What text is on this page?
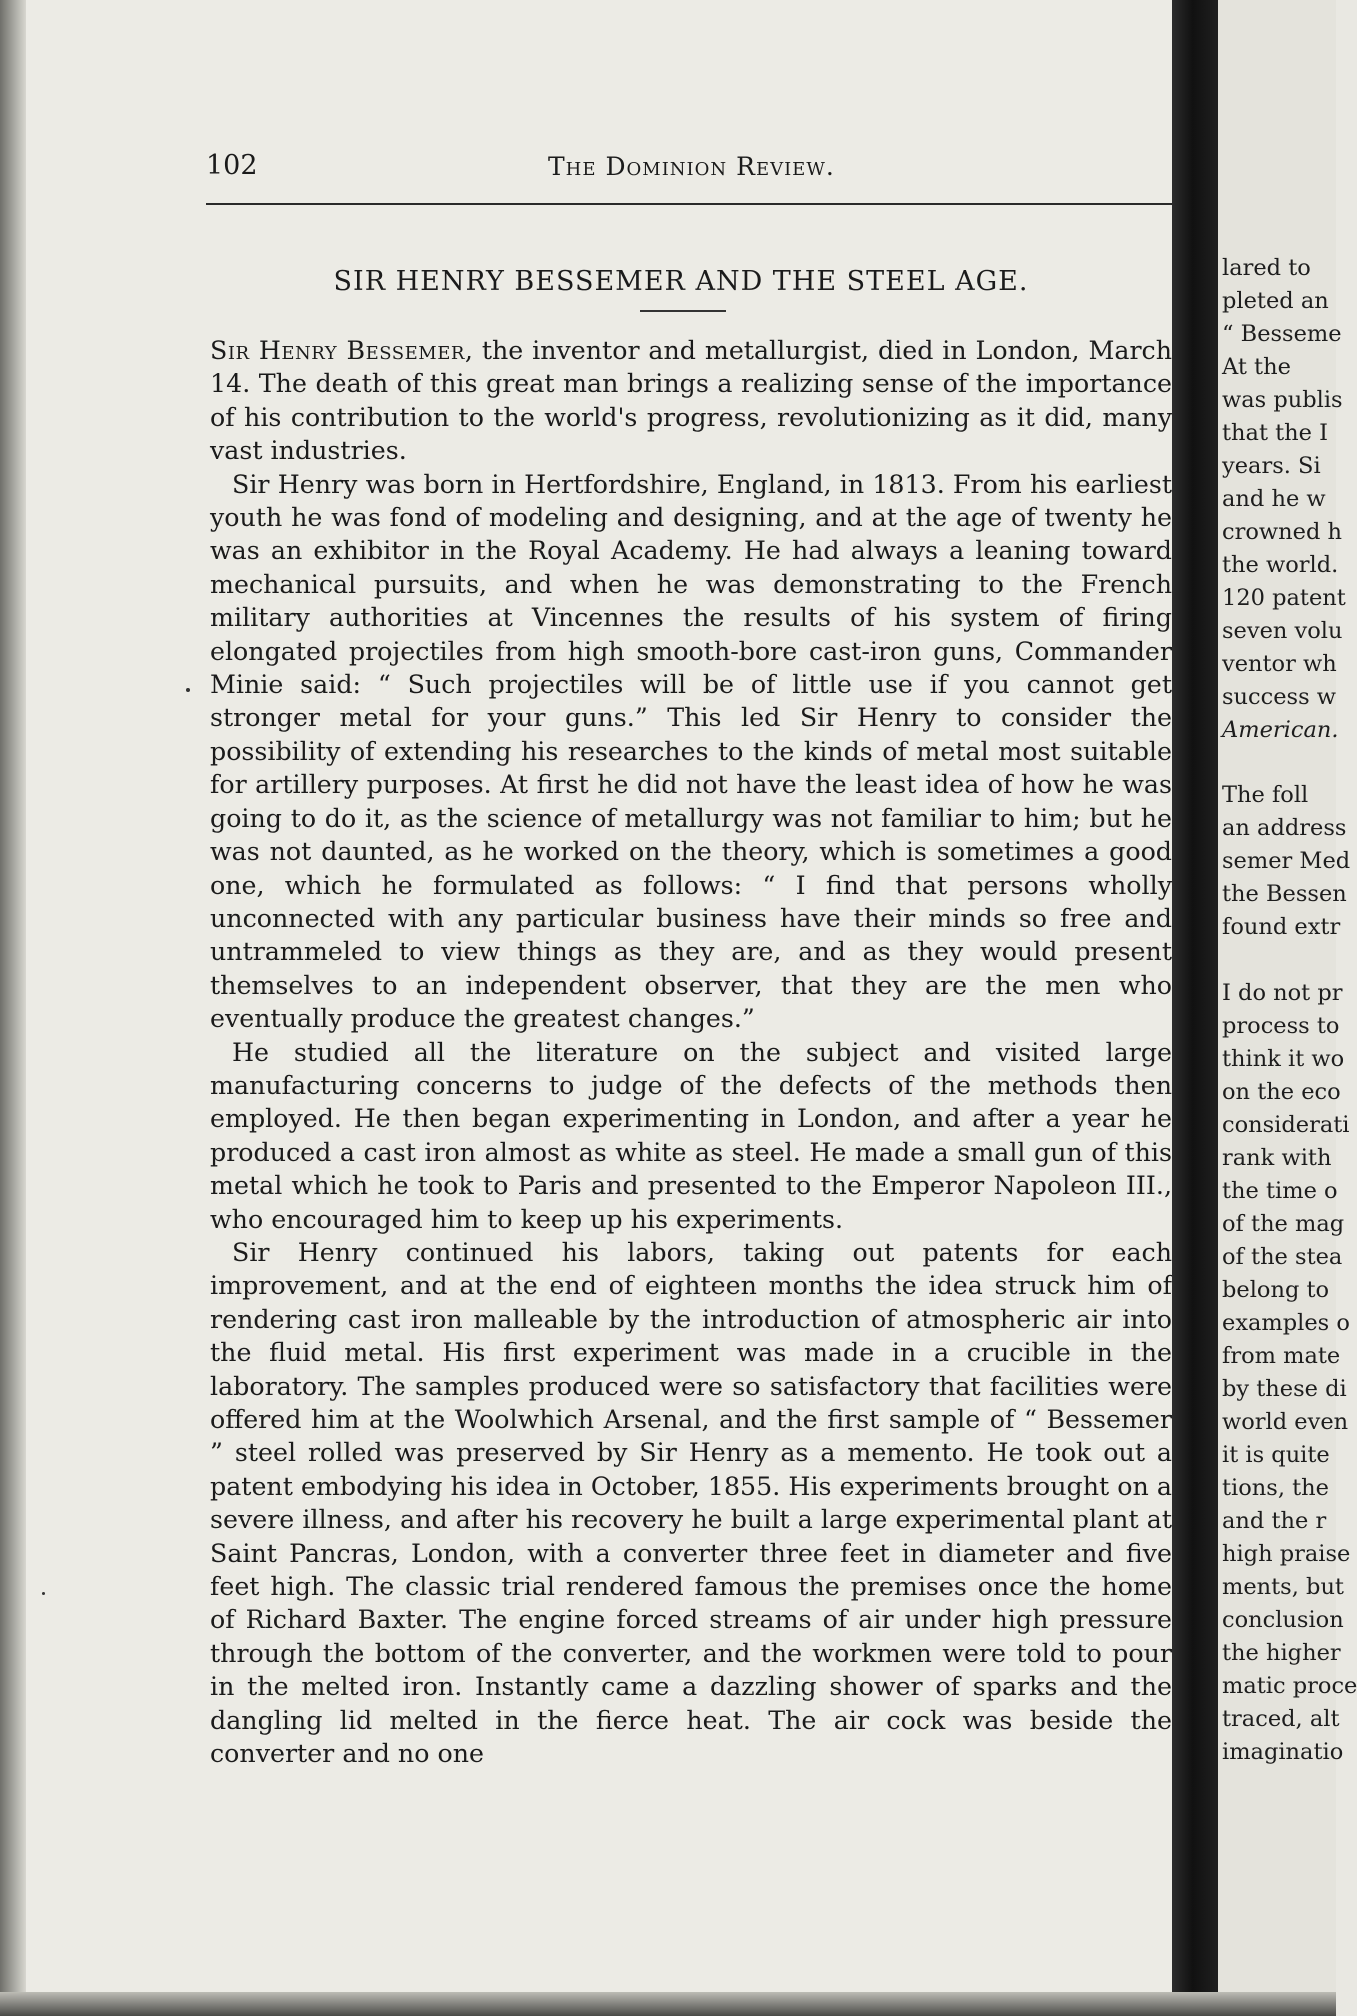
102	The Dominion Review.
SIR HENRY BESSEMER AND THE STEEL AGE.

Sir Henry Bessemer, the inventor and metallurgist, died in London, March 14. The death of this great man brings a realizing sense of the importance of his contribution to the world's progress, revolutionizing as it did, many vast industries.

Sir Henry was born in Hertfordshire, England, in 1813. From his earliest youth he was fond of modeling and designing, and at the age of twenty he was an exhibitor in the Royal Academy. He had always a leaning toward mechanical pursuits, and when he was demonstrating to the French military authorities at Vincennes the results of his system of firing elongated projectiles from high smooth-bore cast-iron guns, Commander Minie said: “ Such projectiles will be of little use if you cannot get stronger metal for your guns.” This led Sir Henry to consider the possibility of extending his researches to the kinds of metal most suitable for artillery purposes. At first he did not have the least idea of how he was going to do it, as the science of metallurgy was not familiar to him; but he was not daunted, as he worked on the theory, which is sometimes a good one, which he formulated as follows: “ I find that persons wholly unconnected with any particular business have their minds so free and untrammeled to view things as they are, and as they would present themselves to an independent observer, that they are the men who eventually produce the greatest changes.”

He studied all the literature on the subject and visited large manufacturing concerns to judge of the defects of the methods then employed. He then began experimenting in London, and after a year he produced a cast iron almost as white as steel. He made a small gun of this metal which he took to Paris and presented to the Emperor Napoleon III., who encouraged him to keep up his experiments.

Sir Henry continued his labors, taking out patents for each improvement, and at the end of eighteen months the idea struck him of rendering cast iron malleable by the introduction of atmospheric air into the fluid metal. His first experiment was made in a crucible in the laboratory. The samples produced were so satisfactory that facilities were offered him at the Woolwhich Arsenal, and the first sample of “ Bessemer ” steel rolled was preserved by Sir Henry as a memento. He took out a patent embodying his idea in October, 1855. His experiments brought on a severe illness, and after his recovery he built a large experimental plant at Saint Pancras, London, with a converter three feet in diameter and five feet high. The classic trial rendered famous the premises once the home of Richard Baxter. The engine forced streams of air under high pressure through the bottom of the converter, and the workmen were told to pour in the melted iron. Instantly came a dazzling shower of sparks and the dangling lid melted in the fierce heat. The air cock was beside the converter and no one

lared to
pleted an
“ Besseme
At the
was publis
that the I
years. Si
and he w
crowned h
the world.
120 patent
seven volu
ventor wh
success w
American.
The foll
an address
semer Med
the Bessen
found extr
I do not pr
process to
think it wo
on the eco
considerati
rank with
the time o
of the mag
of the stea
belong to
examples o
from mate
by these di
world even
it is quite
tions, the
and the r
high praise
ments, but
conclusion
the higher
matic proce
traced, alt
imaginatio
